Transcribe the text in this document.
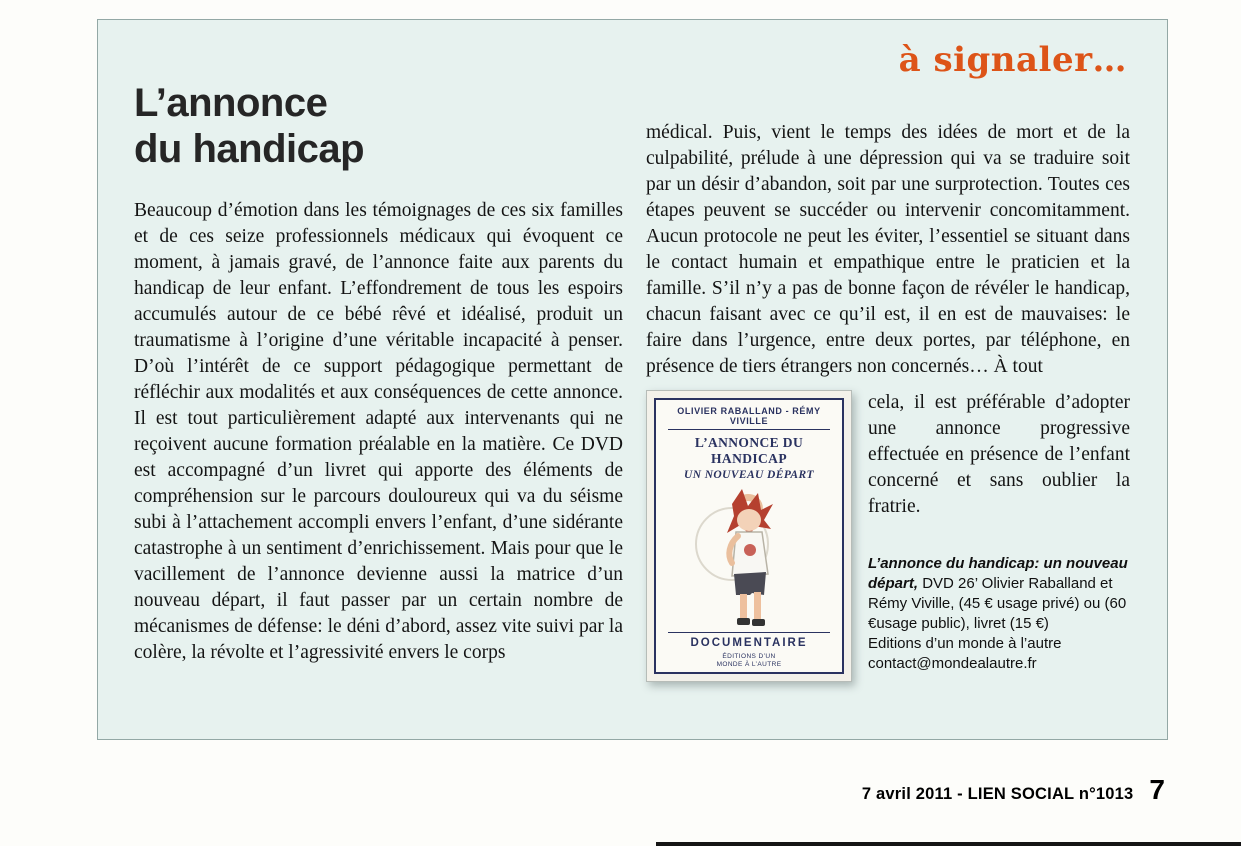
à signaler…
L’annonce
du handicap

Beaucoup d’émotion dans les témoignages de ces six familles et de ces seize professionnels médicaux qui évoquent ce moment, à jamais gravé, de l’annonce faite aux parents du handicap de leur enfant. L’effondrement de tous les espoirs accumulés autour de ce bébé rêvé et idéalisé, produit un traumatisme à l’origine d’une véritable incapacité à penser. D’où l’intérêt de ce support pédagogique permettant de réfléchir aux modalités et aux conséquences de cette annonce. Il est tout particulièrement adapté aux intervenants qui ne reçoivent aucune formation préalable en la matière. Ce DVD est accompagné d’un livret qui apporte des éléments de compréhension sur le parcours douloureux qui va du séisme subi à l’attachement accompli envers l’enfant, d’une sidérante catastrophe à un sentiment d’enrichissement. Mais pour que le vacillement de l’annonce devienne aussi la matrice d’un nouveau départ, il faut passer par un certain nombre de mécanismes de défense: le déni d’abord, assez vite suivi par la colère, la révolte et l’agressivité envers le corps

médical. Puis, vient le temps des idées de mort et de la culpabilité, prélude à une dépression qui va se traduire soit par un désir d’abandon, soit par une surprotection. Toutes ces étapes peuvent se succéder ou intervenir concomitamment. Aucun protocole ne peut les éviter, l’essentiel se situant dans le contact humain et empathique entre le praticien et la famille. S’il n’y a pas de bonne façon de révéler le handicap, chacun faisant avec ce qu’il est, il en est de mauvaises: le faire dans l’urgence, entre deux portes, par téléphone, en présence de tiers étrangers non concernés… À tout

OLIVIER RABALLAND - RÉMY VIVILLE
L’ANNONCE DU HANDICAP
UN NOUVEAU DÉPART
DOCUMENTAIRE
ÉDITIONS D’UN MONDE À L’AUTRE

cela, il est préférable d’adopter une annonce progressive effectuée en présence de l’enfant concerné et sans oublier la fratrie.

L’annonce du handicap: un nouveau départ, DVD 26’ Olivier Raballand et Rémy Viville, (45 € usage privé) ou (60 €usage public), livret (15 €)
Editions d’un monde à l’autre
contact@mondealautre.fr

7 avril 2011 - LIEN SOCIAL n°1013 7
